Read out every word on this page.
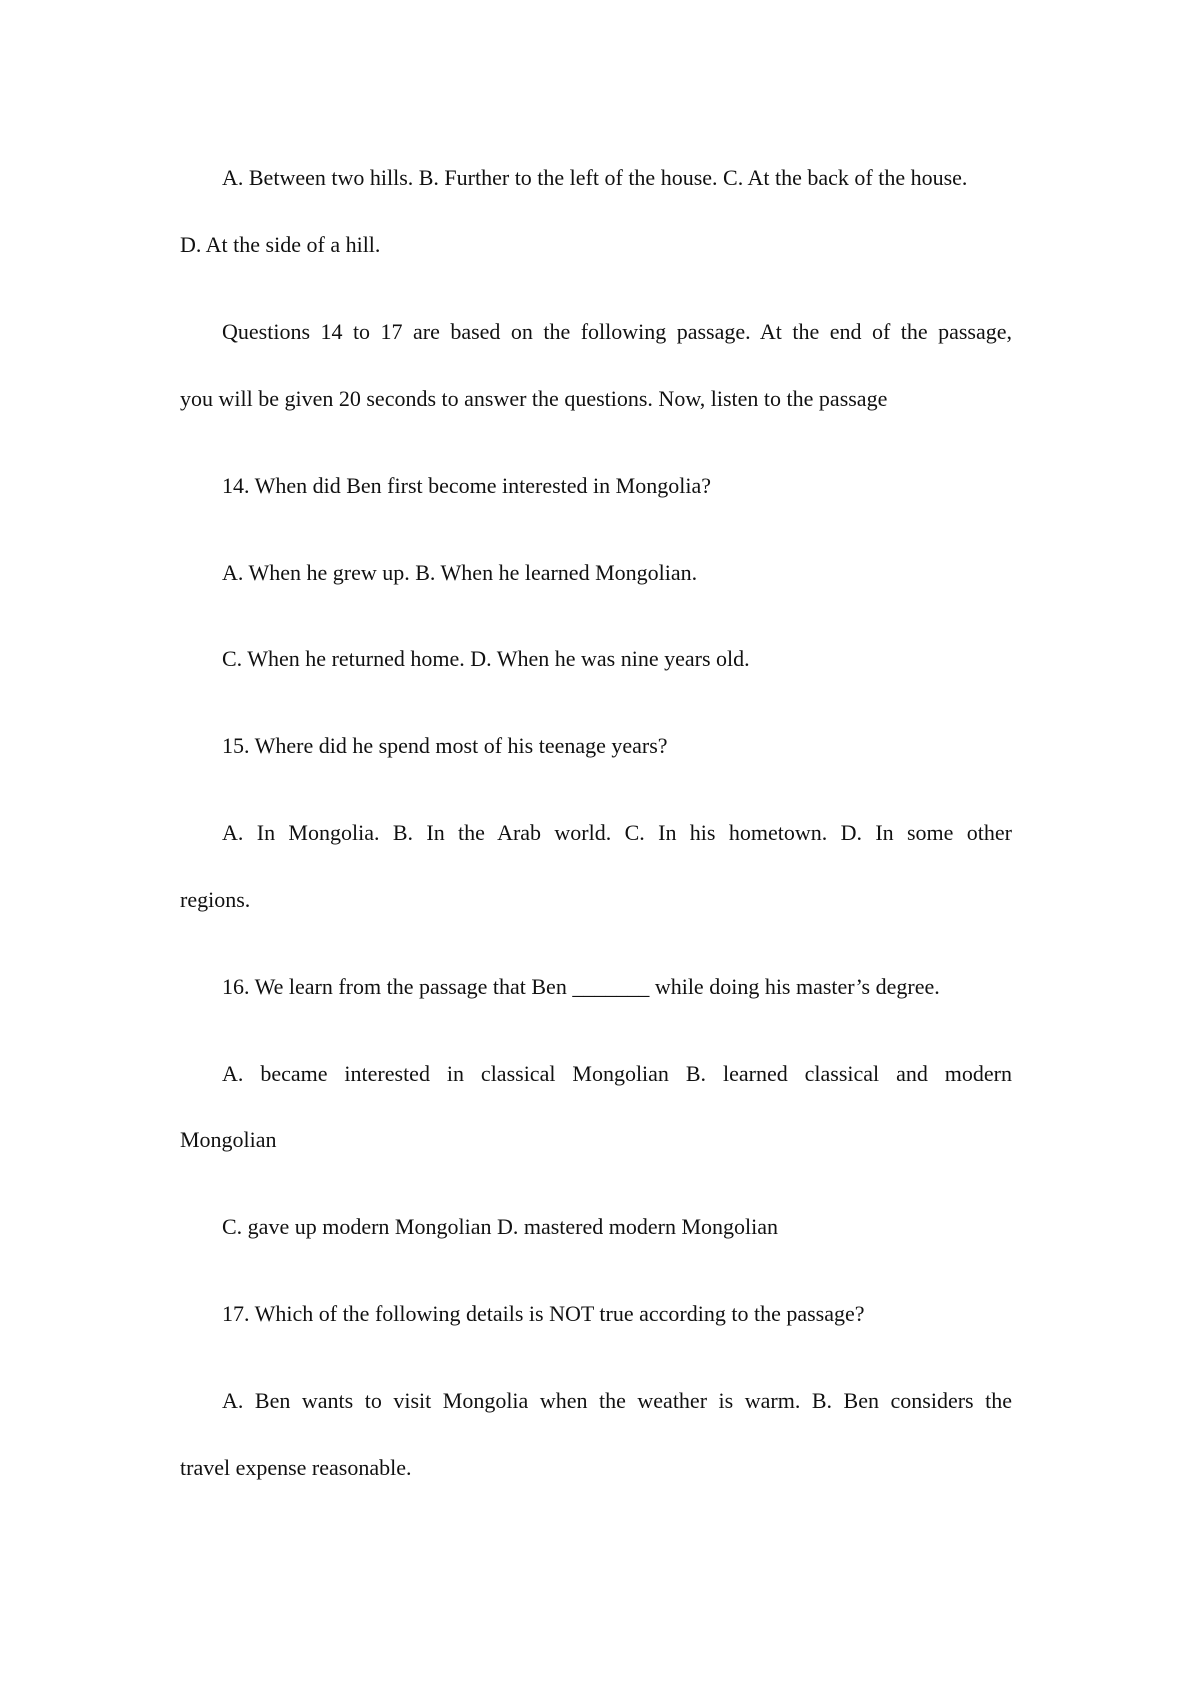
A. Between two hills. B. Further to the left of the house. C. At the back of the house.

D. At the side of a hill.

Questions 14 to 17 are based on the following passage. At the end of the passage,

you will be given 20 seconds to answer the questions. Now, listen to the passage

14. When did Ben first become interested in Mongolia?

A. When he grew up. B. When he learned Mongolian.

C. When he returned home. D. When he was nine years old.

15. Where did he spend most of his teenage years?

A. In Mongolia. B. In the Arab world. C. In his hometown. D. In some other

regions.

16. We learn from the passage that Ben _______ while doing his master’s degree.

A. became interested in classical Mongolian B. learned classical and modern

Mongolian

C. gave up modern Mongolian D. mastered modern Mongolian

17. Which of the following details is NOT true according to the passage?

A. Ben wants to visit Mongolia when the weather is warm. B. Ben considers the

travel expense reasonable.
